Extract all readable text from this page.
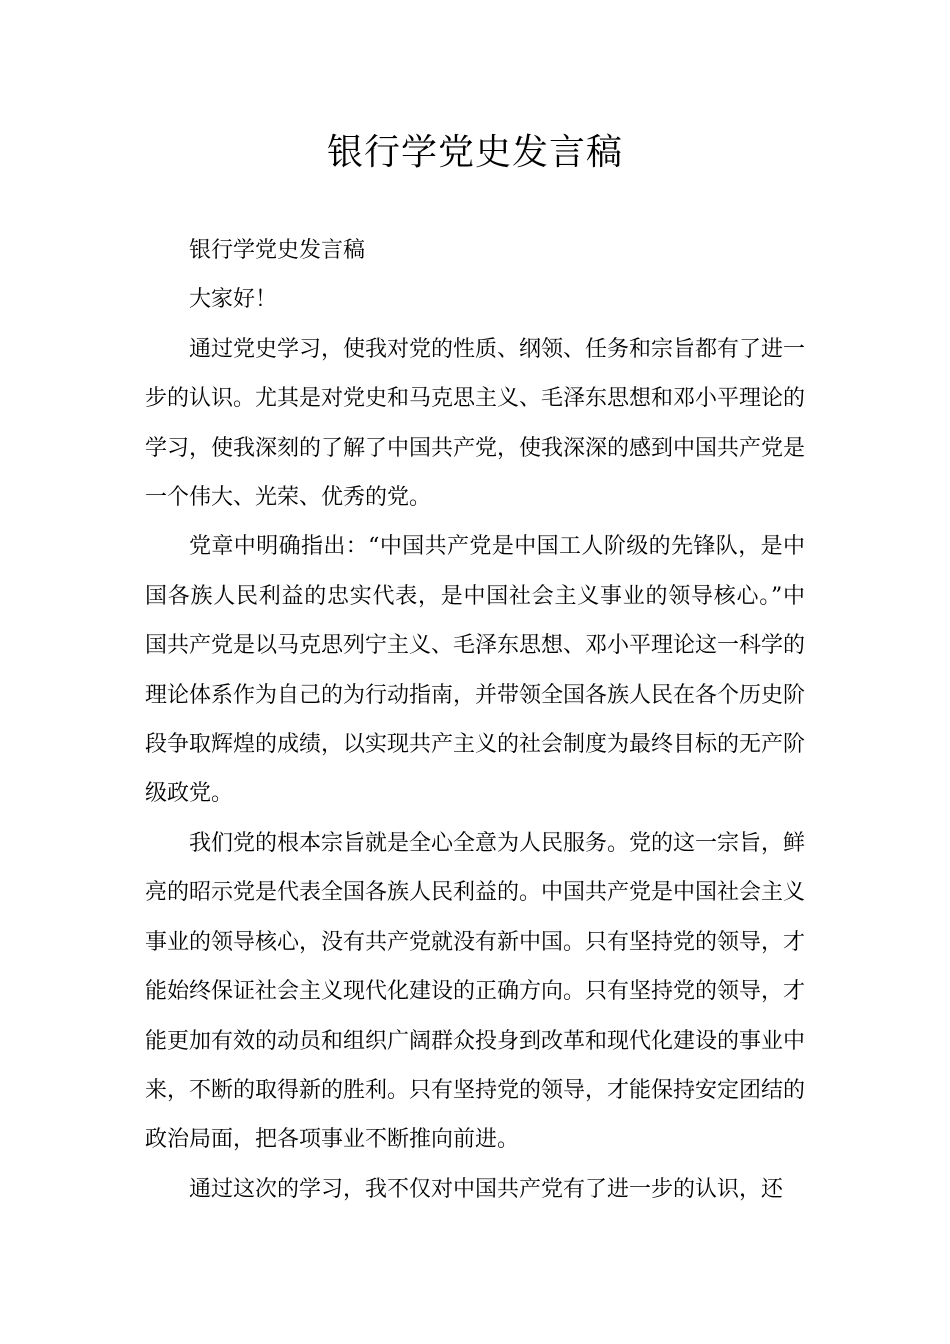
银行学党史发言稿

银行学党史发言稿

大家好！

通过党史学习，使我对党的性质、纲领、任务和宗旨都有了进一步的认识。尤其是对党史和马克思主义、毛泽东思想和邓小平理论的学习，使我深刻的了解了中国共产党，使我深深的感到中国共产党是一个伟大、光荣、优秀的党。

党章中明确指出：“中国共产党是中国工人阶级的先锋队，是中国各族人民利益的忠实代表，是中国社会主义事业的领导核心。”中国共产党是以马克思列宁主义、毛泽东思想、邓小平理论这一科学的理论体系作为自己的为行动指南，并带领全国各族人民在各个历史阶段争取辉煌的成绩，以实现共产主义的社会制度为最终目标的无产阶级政党。

我们党的根本宗旨就是全心全意为人民服务。党的这一宗旨，鲜亮的昭示党是代表全国各族人民利益的。中国共产党是中国社会主义事业的领导核心，没有共产党就没有新中国。只有坚持党的领导，才能始终保证社会主义现代化建设的正确方向。只有坚持党的领导，才能更加有效的动员和组织广阔群众投身到改革和现代化建设的事业中来，不断的取得新的胜利。只有坚持党的领导，才能保持安定团结的政治局面，把各项事业不断推向前进。

通过这次的学习，我不仅对中国共产党有了进一步的认识，还
